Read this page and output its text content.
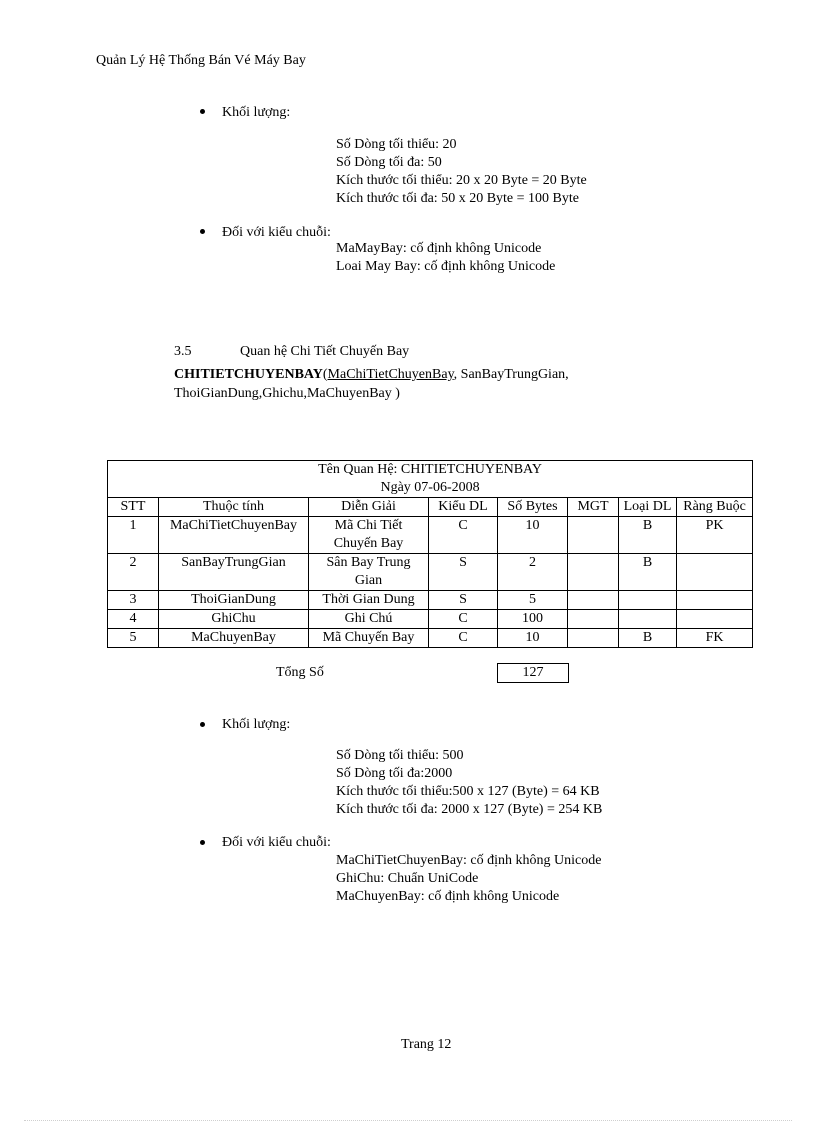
Quản Lý Hệ Thống Bán Vé Máy Bay
Khối lượng:
Số Dòng tối thiểu: 20
Số Dòng tối đa: 50
Kích thước tối thiểu: 20 x 20 Byte = 20 Byte
Kích thước tối đa: 50 x 20 Byte = 100 Byte
Đối với kiểu chuỗi:
MaMayBay: cố định không Unicode
Loai May Bay: cố định không Unicode
3.5	Quan hệ Chi Tiết Chuyến Bay
CHITIETCHUYENBAY(MaChiTietChuyenBay, SanBayTrungGian,
ThoiGianDung,Ghichu,MaChuyenBay )
Tên Quan Hệ: CHITIETCHUYENBAY
Ngày 07-06-2008							

STT	Thuộc tính	Diễn Giải	Kiểu DL	Số Bytes	MGT	Loại DL	Ràng Buộc
1	MaChiTietChuyenBay	Mã Chi Tiết Chuyến Bay	C	10		B	PK
2	SanBayTrungGian	Sân Bay Trung Gian	S	2		B	
3	ThoiGianDung	Thời Gian Dung	S	5			
4	GhiChu	Ghi Chú	C	100			
5	MaChuyenBay	Mã Chuyến Bay	C	10		B	FK
Tổng Số	127
Khối lượng:
Số Dòng tối thiểu: 500
Số Dòng tối đa:2000
Kích thước tối thiểu:500 x 127 (Byte) = 64 KB
Kích thước tối đa: 2000 x 127 (Byte) = 254 KB
Đối với kiểu chuỗi:
MaChiTietChuyenBay: cố định không Unicode
GhiChu: Chuẩn UniCode
MaChuyenBay: cố định không Unicode
Trang 12
